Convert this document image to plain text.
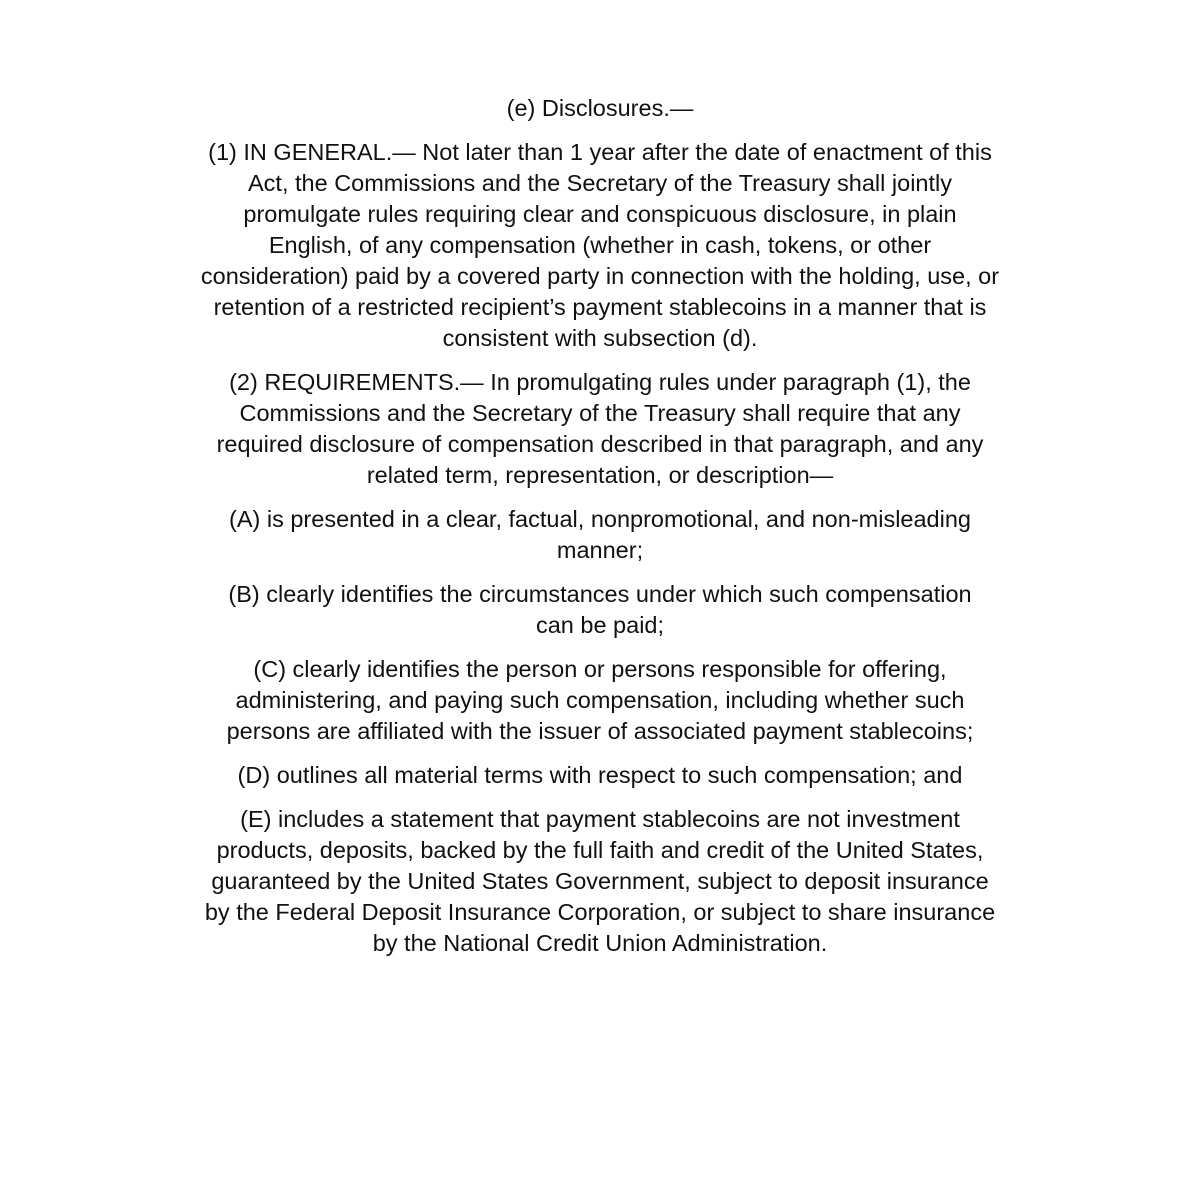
(e) Disclosures.—

(1) IN GENERAL.— Not later than 1 year after the date of enactment of this Act, the Commissions and the Secretary of the Treasury shall jointly promulgate rules requiring clear and conspicuous disclosure, in plain English, of any compensation (whether in cash, tokens, or other consideration) paid by a covered party in connection with the holding, use, or retention of a restricted recipient’s payment stablecoins in a manner that is consistent with subsection (d).

(2) REQUIREMENTS.— In promulgating rules under paragraph (1), the Commissions and the Secretary of the Treasury shall require that any required disclosure of compensation described in that paragraph, and any related term, representation, or description—

(A) is presented in a clear, factual, nonpromotional, and non-misleading manner;

(B) clearly identifies the circumstances under which such compensation can be paid;

(C) clearly identifies the person or persons responsible for offering, administering, and paying such compensation, including whether such persons are affiliated with the issuer of associated payment stablecoins;

(D) outlines all material terms with respect to such compensation; and

(E) includes a statement that payment stablecoins are not investment products, deposits, backed by the full faith and credit of the United States, guaranteed by the United States Government, subject to deposit insurance by the Federal Deposit Insurance Corporation, or subject to share insurance by the National Credit Union Administration.
